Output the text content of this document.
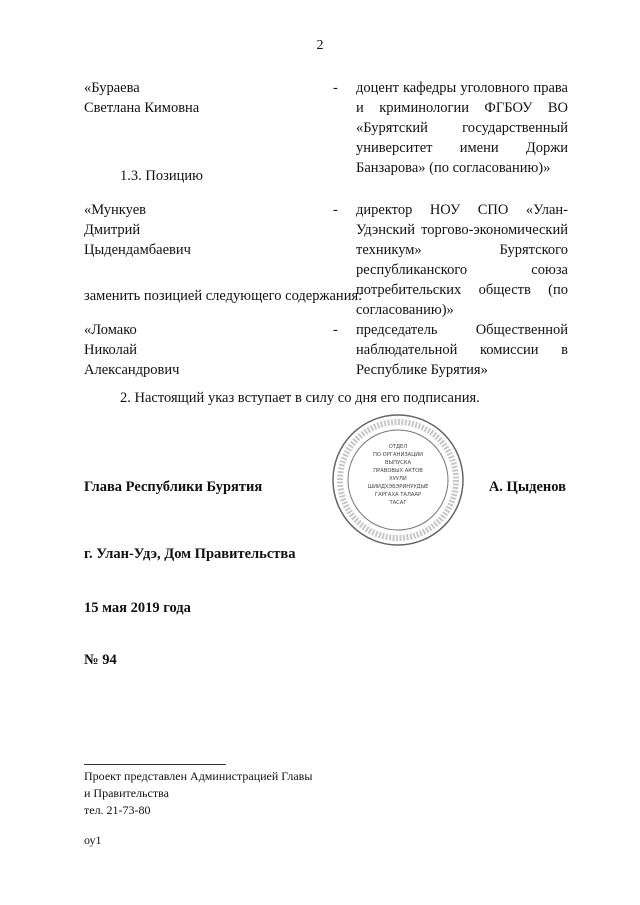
2
«Бураева
Светлана Кимовна
- доцент кафедры уголовного права и криминологии ФГБОУ ВО «Бурятский государственный университет имени Доржи Банзарова» (по согласованию)»
1.3. Позицию
«Мункуев
Дмитрий
Цыдендамбаевич
- директор НОУ СПО «Улан-Удэнский торгово-экономический техникум» Бурятского республиканского союза потребительских обществ (по согласованию)»
заменить позицией следующего содержания:
«Ломако
Николай
Александрович
- председатель Общественной наблюдательной комиссии в Республике Бурятия»
2. Настоящий указ вступает в силу со дня его подписания.
ОТДЕЛ
ПО ОРГАНИЗАЦИИ
ВЫПУСКА
ПРАВОВЫХ АКТОВ
ХУУЛИ
ШИИДХЭБЭРИНУУДЫЕ
ГАРГАХА ТАЛААР
ТАСАГ
Глава Республики Бурятия	А. Цыденов
г. Улан-Удэ, Дом Правительства
15 мая 2019 года
№ 94
Проект представлен Администрацией Главы
и Правительства
тел. 21-73-80
оу1
